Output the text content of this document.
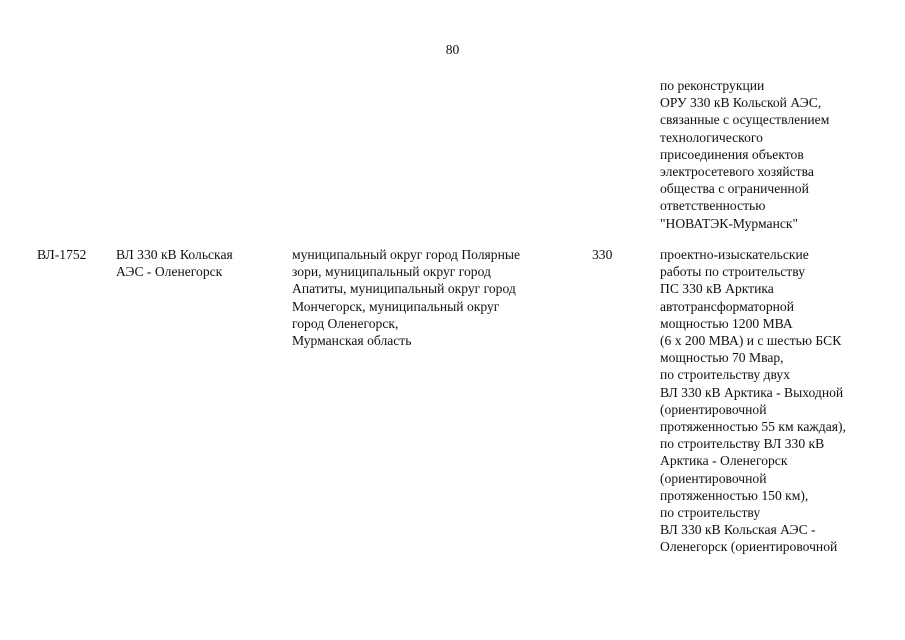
80
по реконструкции
ОРУ 330 кВ Кольской АЭС,
связанные с осуществлением
технологического
присоединения объектов
электросетевого хозяйства
общества с ограниченной
ответственностью
"НОВАТЭК-Мурманск"
ВЛ-1752 ВЛ 330 кВ Кольская
АЭС - Оленегорск
муниципальный округ город Полярные
зори, муниципальный округ город
Апатиты, муниципальный округ город
Мончегорск, муниципальный округ
город Оленегорск,
Мурманская область
330	проектно-изыскательские
работы по строительству
ПС 330 кВ Арктика
автотрансформаторной
мощностью 1200 МВА
(6 х 200 МВА) и с шестью БСК
мощностью 70 Мвар,
по строительству двух
ВЛ 330 кВ Арктика - Выходной
(ориентировочной
протяженностью 55 км каждая),
по строительству ВЛ 330 кВ
Арктика - Оленегорск
(ориентировочной
протяженностью 150 км),
по строительству
ВЛ 330 кВ Кольская АЭС -
Оленегорск (ориентировочной
